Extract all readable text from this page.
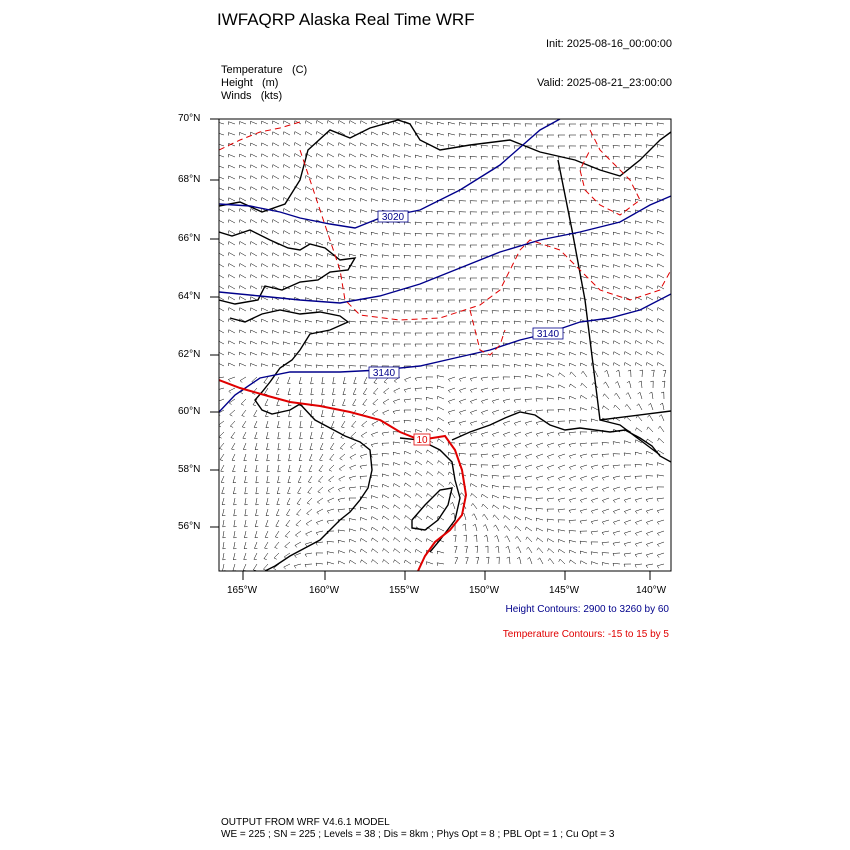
IWFAQRP Alaska Real Time WRF

Init: 2025-08-16_00:00:00

Valid: 2025-08-21_23:00:00

Temperature (C)
Height (m)
Winds (kts)
3020
3140
3140
10
70°N
68°N
66°N
64°N
62°N
60°N
58°N
56°N
165°W	160°W	155°W	150°W	145°W	140°W
Height Contours: 2900 to 3260 by 60
Temperature Contours: -15 to 15 by 5
OUTPUT FROM WRF V4.6.1 MODEL
WE = 225 ; SN = 225 ; Levels = 38 ; Dis = 8km ; Phys Opt = 8 ; PBL Opt = 1 ; Cu Opt = 3
